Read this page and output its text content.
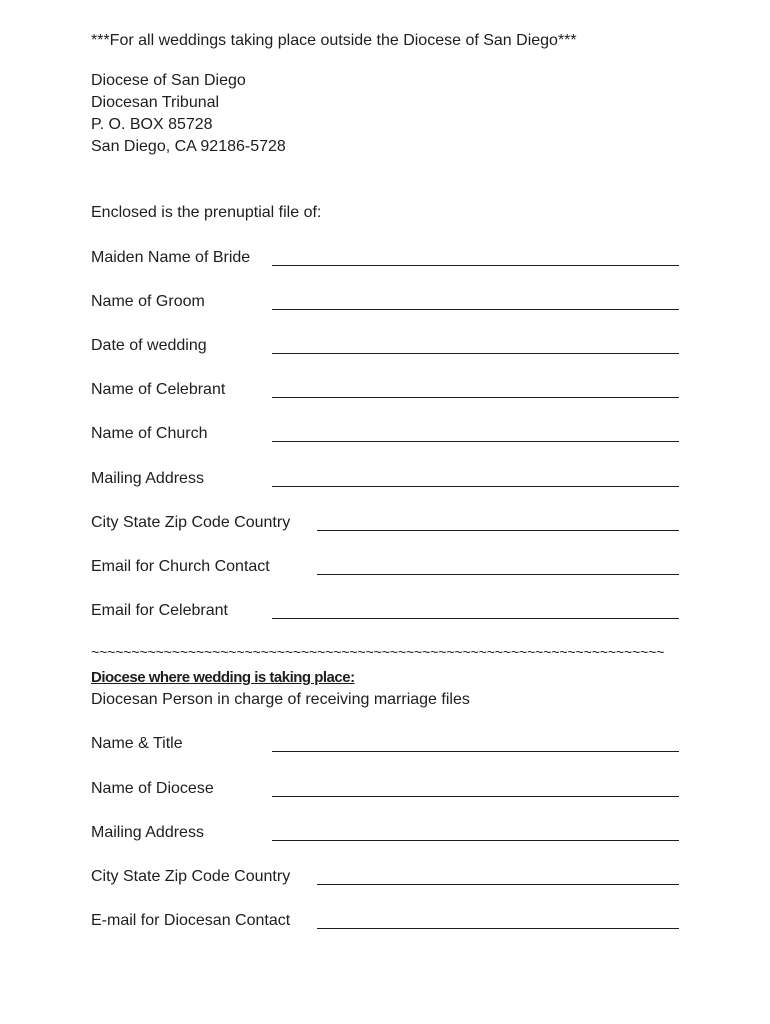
***For all weddings taking place outside the Diocese of San Diego***
Diocese of San Diego
Diocesan Tribunal
P. O. BOX 85728
San Diego, CA 92186-5728
Enclosed is the prenuptial file of:
Maiden Name of Bride
Name of Groom
Date of wedding
Name of Celebrant
Name of Church
Mailing Address
City State Zip Code Country
Email for Church Contact
Email for Celebrant
~~~~~~~~~~~~~~~~~~~~~~~~~~~~~~~~~~~~~~~~~~~~~~~~~~~~~~~~~~~~~~~~~~~~~~~
Diocese where wedding is taking place:
Diocesan Person in charge of receiving marriage files
Name & Title
Name of Diocese
Mailing Address
City State Zip Code Country
E-mail for Diocesan Contact
